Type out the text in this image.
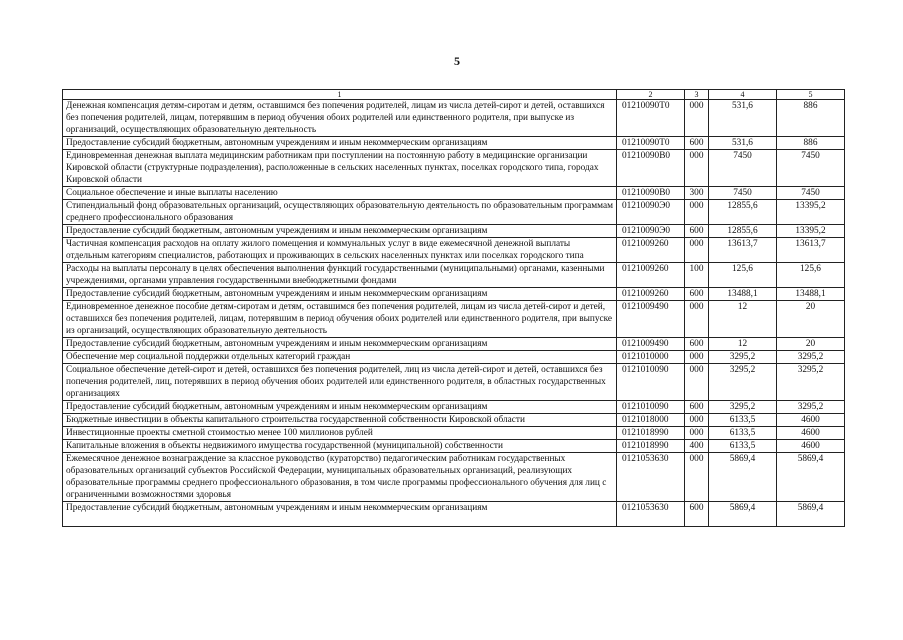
5
1	2	3	4	5
Денежная компенсация детям-сиротам и детям, оставшимся без попечения родителей, лицам из числа детей-сирот и детей, оставшихся без попечения родителей, лицам, потерявшим в период обучения обоих родителей или единственного родителя, при выпуске из организаций, осуществляющих образовательную деятельность	01210090Т0	000	531,6	886
Предоставление субсидий бюджетным, автономным учреждениям и иным некоммерческим организациям	01210090Т0	600	531,6	886
Единовременная денежная выплата медицинским работникам при поступлении на постоянную работу в медицинские организации Кировской области (структурные подразделения), расположенные в сельских населенных пунктах, поселках городского типа, городах Кировской области	01210090В0	000	7450	7450
Социальное обеспечение и иные выплаты населению	01210090В0	300	7450	7450
Стипендиальный фонд образовательных организаций, осуществляющих образовательную деятельность по образовательным программам среднего профессионального образования	01210090Э0	000	12855,6	13395,2
Предоставление субсидий бюджетным, автономным учреждениям и иным некоммерческим организациям	01210090Э0	600	12855,6	13395,2
Частичная компенсация расходов на оплату жилого помещения и коммунальных услуг в виде ежемесячной денежной выплаты отдельным категориям специалистов, работающих и проживающих в сельских населенных пунктах или поселках городского типа	0121009260	000	13613,7	13613,7
Расходы на выплаты персоналу в целях обеспечения выполнения функций государственными (муниципальными) органами, казенными учреждениями, органами управления государственными внебюджетными фондами	0121009260	100	125,6	125,6
Предоставление субсидий бюджетным, автономным учреждениям и иным некоммерческим организациям	0121009260	600	13488,1	13488,1
Единовременное денежное пособие детям-сиротам и детям, оставшимся без попечения родителей, лицам из числа детей-сирот и детей, оставшихся без попечения родителей, лицам, потерявшим в период обучения обоих родителей или единственного родителя, при выпуске из организаций, осуществляющих образовательную деятельность	0121009490	000	12	20
Предоставление субсидий бюджетным, автономным учреждениям и иным некоммерческим организациям	0121009490	600	12	20
Обеспечение мер социальной поддержки отдельных категорий граждан	0121010000	000	3295,2	3295,2
Социальное обеспечение детей-сирот и детей, оставшихся без попечения родителей, лиц из числа детей-сирот и детей, оставшихся без попечения родителей, лиц, потерявших в период обучения обоих родителей или единственного родителя, в областных государственных организациях	0121010090	000	3295,2	3295,2
Предоставление субсидий бюджетным, автономным учреждениям и иным некоммерческим организациям	0121010090	600	3295,2	3295,2
Бюджетные инвестиции в объекты капитального строительства государственной собственности Кировской области	0121018000	000	6133,5	4600
Инвестиционные проекты сметной стоимостью менее 100 миллионов рублей	0121018990	000	6133,5	4600
Капитальные вложения в объекты недвижимого имущества государственной (муниципальной) собственности	0121018990	400	6133,5	4600
Ежемесячное денежное вознаграждение за классное руководство (кураторство) педагогическим работникам государственных образовательных организаций субъектов Российской Федерации, муниципальных образовательных организаций, реализующих образовательные программы среднего профессионального образования, в том числе программы профессионального обучения для лиц с ограниченными возможностями здоровья	0121053630	000	5869,4	5869,4
Предоставление субсидий бюджетным, автономным учреждениям и иным некоммерческим организациям	0121053630	600	5869,4	5869,4
